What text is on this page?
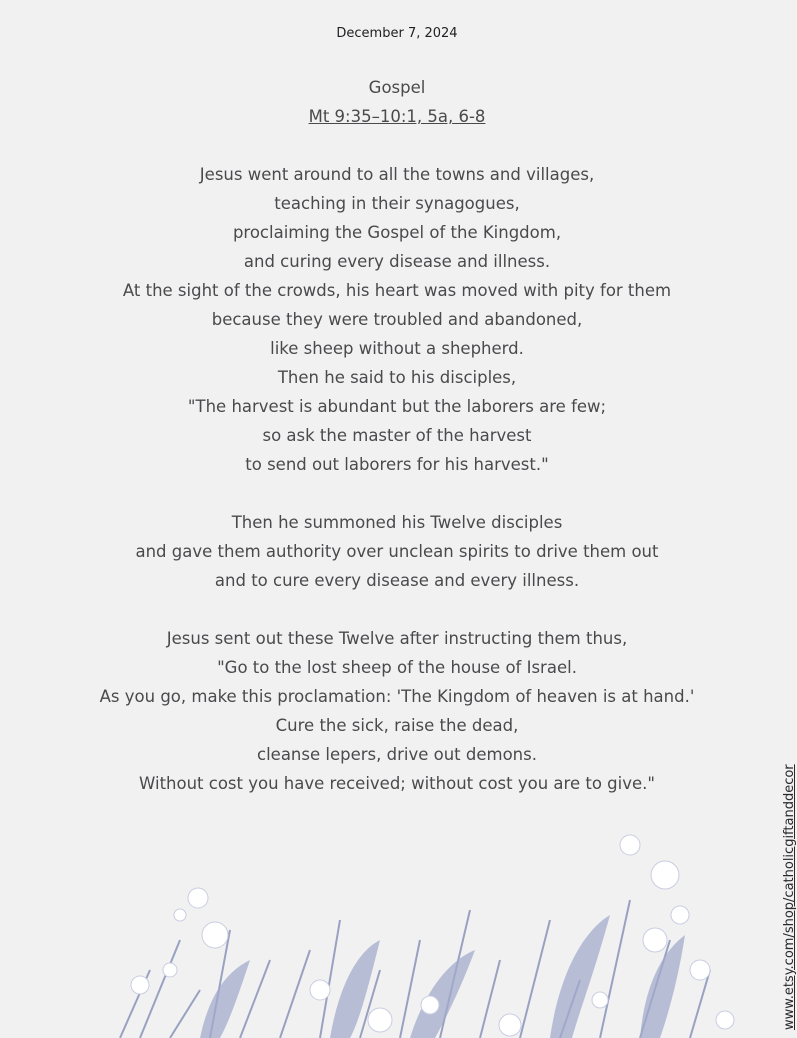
December 7, 2024
Gospel
Mt 9:35–10:1, 5a, 6-8
Jesus went around to all the towns and villages,
teaching in their synagogues,
proclaiming the Gospel of the Kingdom,
and curing every disease and illness.
At the sight of the crowds, his heart was moved with pity for them
because they were troubled and abandoned,
like sheep without a shepherd.
Then he said to his disciples,
"The harvest is abundant but the laborers are few;
so ask the master of the harvest
to send out laborers for his harvest."
Then he summoned his Twelve disciples
and gave them authority over unclean spirits to drive them out
and to cure every disease and every illness.
Jesus sent out these Twelve after instructing them thus,
"Go to the lost sheep of the house of Israel.
As you go, make this proclamation: 'The Kingdom of heaven is at hand.'
Cure the sick, raise the dead,
cleanse lepers, drive out demons.
Without cost you have received; without cost you are to give."	www.etsy.com/shop/catholicgiftanddecor
